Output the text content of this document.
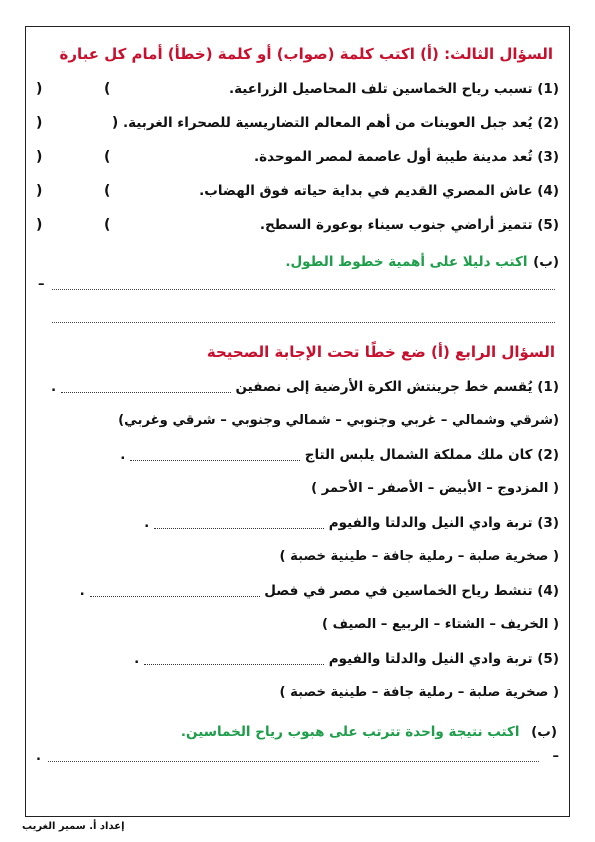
السؤال الثالث: (أ) اكتب كلمة (صواب) أو كلمة (خطأ) أمام كل عبارة
(1) تسبب رياح الخماسين تلف المحاصيل الزراعية.
(
)
(2) يُعد جبل العوينات من أهم المعالم التضاريسية للصحراء الغربية. (
)
(3) تُعد مدينة طيبة أول عاصمة لمصر الموحدة.
(
)
(4) عاش المصري القديم في بداية حياته فوق الهضاب.
(
)
(5) تتميز أراضي جنوب سيناء بوعورة السطح.
(
)
(ب) اكتب دليلا على أهمية خطوط الطول.
–
السؤال الرابع (أ) ضع خطًا تحت الإجابة الصحيحة
(1) يُقسم خط جرينتش الكرة الأرضية إلى نصفين  .
(شرقي وشمالي – غربي وجنوبي – شمالي وجنوبي – شرقي وغربي)
(2) كان ملك مملكة الشمال يلبس التاج  .
( المزدوج – الأبيض – الأصفر – الأحمر )
(3) تربة وادي النيل والدلتا والفيوم  .
( صخرية صلبة – رملية جافة – طينية خصبة )
(4) تنشط رياح الخماسين في مصر في فصل  .
( الخريف – الشتاء – الربيع – الصيف )
(5) تربة وادي النيل والدلتا والفيوم  .
( صخرية صلبة – رملية جافة – طينية خصبة )
(ب) اكتب نتيجة واحدة تترتب على هبوب رياح الخماسين.
.	–
إعداد أ. سمير الغريب
